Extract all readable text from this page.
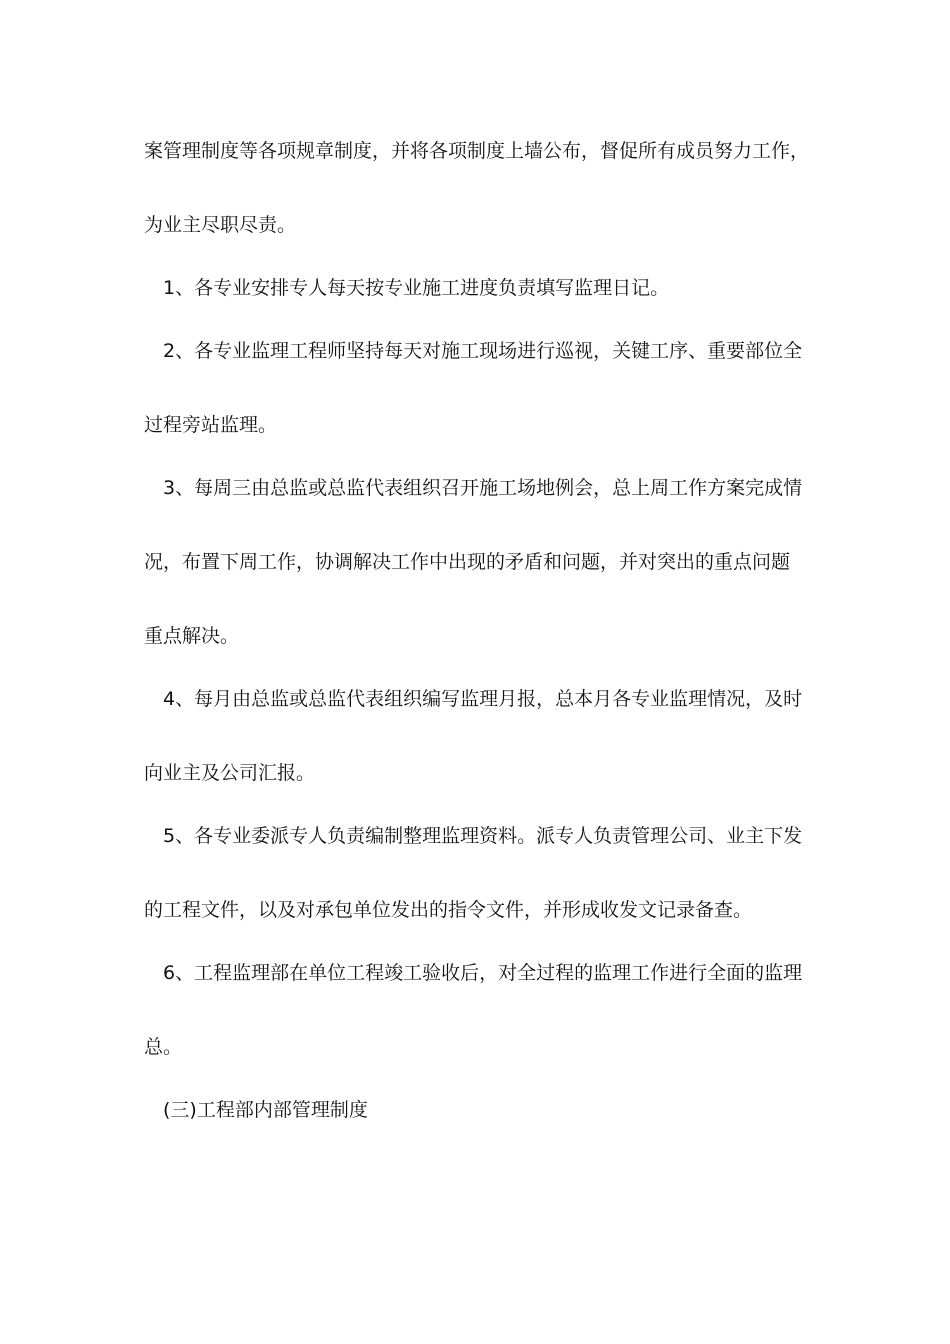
案管理制度等各项规章制度，并将各项制度上墙公布，督促所有成员努力工作，
为业主尽职尽责。
1、各专业安排专人每天按专业施工进度负责填写监理日记。
2、各专业监理工程师坚持每天对施工现场进行巡视，关键工序、重要部位全
过程旁站监理。
3、每周三由总监或总监代表组织召开施工场地例会，总上周工作方案完成情
况，布置下周工作，协调解决工作中出现的矛盾和问题，并对突出的重点问题
重点解决。
4、每月由总监或总监代表组织编写监理月报，总本月各专业监理情况，及时
向业主及公司汇报。
5、各专业委派专人负责编制整理监理资料。派专人负责管理公司、业主下发
的工程文件，以及对承包单位发出的指令文件，并形成收发文记录备查。
6、工程监理部在单位工程竣工验收后，对全过程的监理工作进行全面的监理
总。
(三)工程部内部管理制度
